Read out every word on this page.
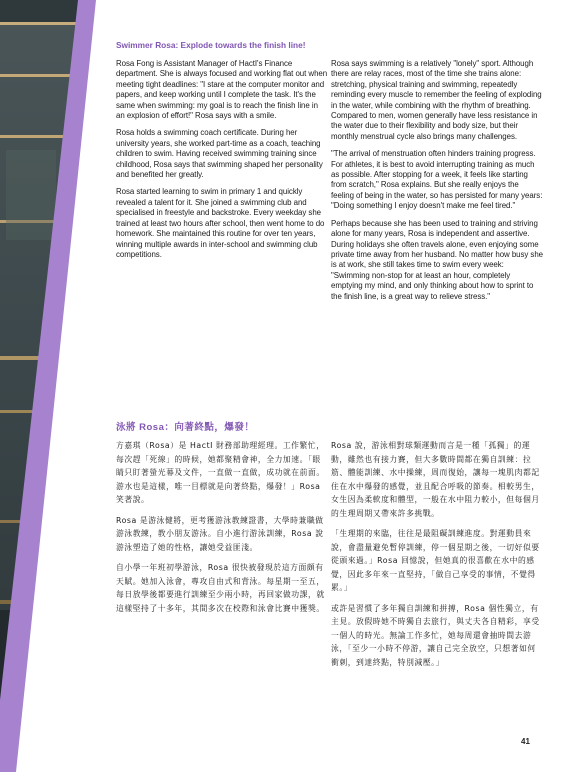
Swimmer Rosa: Explode towards the finish line!

Rosa Fong is Assistant Manager of HactI's Finance department. She is always focused and working flat out when meeting tight deadlines: "I stare at the computer monitor and papers, and keep working until I complete the task. It's the same when swimming: my goal is to reach the finish line in an explosion of effort!" Rosa says with a smile.

Rosa holds a swimming coach certificate. During her university years, she worked part-time as a coach, teaching children to swim. Having received swimming training since childhood, Rosa says that swimming shaped her personality and benefited her greatly.

Rosa started learning to swim in primary 1 and quickly revealed a talent for it. She joined a swimming club and specialised in freestyle and backstroke. Every weekday she trained at least two hours after school, then went home to do homework. She maintained this routine for over ten years, winning multiple awards in inter-school and swimming club competitions.

Rosa says swimming is a relatively "lonely" sport. Although there are relay races, most of the time she trains alone: stretching, physical training and swimming, repeatedly reminding every muscle to remember the feeling of exploding in the water, while combining with the rhythm of breathing. Compared to men, women generally have less resistance in the water due to their flexibility and body size, but their monthly menstrual cycle also brings many challenges.

"The arrival of menstruation often hinders training progress. For athletes, it is best to avoid interrupting training as much as possible. After stopping for a week, it feels like starting from scratch," Rosa explains. But she really enjoys the feeling of being in the water, so has persisted for many years: "Doing something I enjoy doesn't make me feel tired."

Perhaps because she has been used to training and striving alone for many years, Rosa is independent and assertive. During holidays she often travels alone, even enjoying some private time away from her husband. No matter how busy she is at work, she still takes time to swim every week: "Swimming non-stop for at least an hour, completely emptying my mind, and only thinking about how to sprint to the finish line, is a great way to relieve stress."

泳將 Rosa：向著終點，爆發！

方嘉琪（Rosa）是 HactI 財務部助理經理。工作繁忙，每次趕「死線」的時候，她都聚精會神，全力加速。「眼睛只盯著螢光幕及文件，一直做一直做，成功就在前面。游水也是這樣，唯一目標就是向著終點，爆發！」Rosa 笑著說。

Rosa 是游泳健將，更考獲游泳教練證書，大學時兼職做游泳教練，教小朋友游泳。自小進行游泳訓練，Rosa 說游泳塑造了她的性格，讓她受益匪淺。

自小學一年班初學游泳，Rosa 很快被發現於這方面頗有天賦。她加入泳會，專攻自由式和背泳。每星期一至五，每日放學後都要進行訓練至少兩小時，再回家做功課，就這樣堅持了十多年，其間多次在校際和泳會比賽中獲獎。

Rosa 說，游泳相對球類運動而言是一種「孤獨」的運動，雖然也有接力賽，但大多數時間都在獨自訓練：拉筋、體能訓練、水中操練，周而復始，讓每一塊肌肉都記住在水中爆發的感覺，並且配合呼吸的節奏。相較男生，女生因為柔軟度和體型，一般在水中阻力較小，但每個月的生理周期又帶來許多挑戰。

「生理期的來臨，往往是最阻礙訓練進度。對運動員來說，會盡量避免暫停訓練，停一個星期之後，一切好似要從頭來過。」Rosa 回憶說，但她真的很喜歡在水中的感覺，因此多年來一直堅持，「做自己享受的事情，不覺得累。」

或許是習慣了多年獨自訓練和拼搏，Rosa 個性獨立，有主見。放假時她不時獨自去旅行，與丈夫各自精彩，享受一個人的時光。無論工作多忙，她每周還會抽時間去游泳，「至少一小時不停游，讓自己完全放空，只想著如何衝刺，到達終點，特別減壓。」

41
